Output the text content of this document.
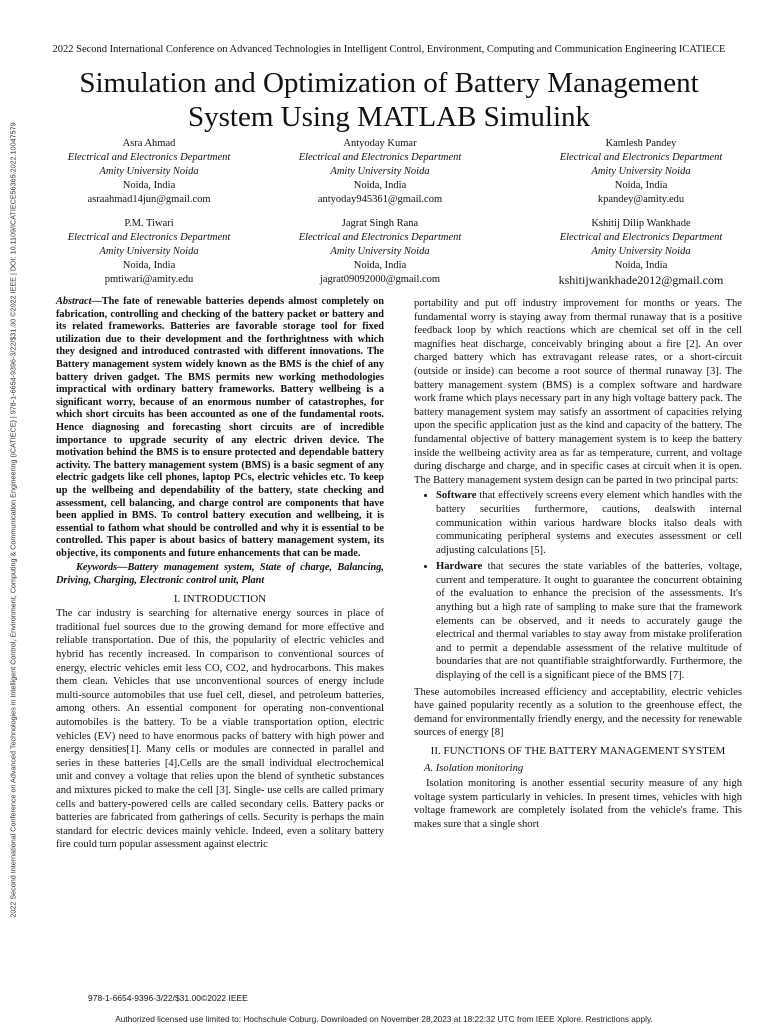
2022 Second International Conference on Advanced Technologies in Intelligent Control, Environment, Computing & Communication Engineering (ICATIECE) | 978-1-6654-9396-3/22/$31.00 ©2022 IEEE | DOI: 10.1109/ICATIECE56365.2022.10047579
2022 Second International Conference on Advanced Technologies in Intelligent Control, Environment, Computing and Communication Engineering ICATIECE
Simulation and Optimization of Battery Management
System Using MATLAB Simulink
Asra Ahmad
Electrical and Electronics Department
Amity University Noida
Noida, India
asraahmad14jun@gmail.com
Antyoday Kumar
Electrical and Electronics Department
Amity University Noida
Noida, India
antyoday945361@gmail.com
Kamlesh Pandey
Electrical and Electronics Department
Amity University Noida
Noida, India
kpandey@amity.edu
P.M. Tiwari
Electrical and Electronics Department
Amity University Noida
Noida, India
pmtiwari@amity.edu
Jagrat Singh Rana
Electrical and Electronics Department
Amity University Noida
Noida, India
jagrat09092000@gmail.com
Kshitij Dilip Wankhade
Electrical and Electronics Department
Amity University Noida
Noida, India
kshitijwankhade2012@gmail.com

Abstract—The fate of renewable batteries depends almost completely on fabrication, controlling and checking of the battery packet or battery and its related frameworks. Batteries are favorable storage tool for fixed utilization due to their development and the forthrightness with which they designed and introduced contrasted with different innovations. The Battery management system widely known as the BMS is the chief of any battery driven gadget. The BMS permits new working methodologies impractical with ordinary battery frameworks. Battery wellbeing is a significant worry, because of an enormous number of catastrophes, for which short circuits has been accounted as one of the fundamental roots. Hence diagnosing and forecasting short circuits are of incredible importance to upgrade security of any electric driven device. The motivation behind the BMS is to ensure protected and dependable battery activity. The battery management system (BMS) is a basic segment of any electric gadgets like cell phones, laptop PCs, electric vehicles etc. To keep up the wellbeing and dependability of the battery, state checking and assessment, cell balancing, and charge control are components that have been applied in BMS. To control battery execution and wellbeing, it is essential to fathom what should be controlled and why it is essential to be controlled. This paper is about basics of battery management system, its objective, its components and future enhancements that can be made.

Keywords—Battery management system, State of charge, Balancing, Driving, Charging, Electronic control unit, Plant

I. INTRODUCTION

The car industry is searching for alternative energy sources in place of traditional fuel sources due to the growing demand for more effective and reliable transportation. Due of this, the popularity of electric vehicles and hybrid has recently increased. In comparison to conventional sources of energy, electric vehicles emit less CO, CO2, and hydrocarbons. This makes them clean. Vehicles that use unconventional sources of energy include multi-source automobiles that use fuel cell, diesel, and petroleum batteries, among others. An essential component for operating non-conventional automobiles is the battery. To be a viable transportation option, electric vehicles (EV) need to have enormous packs of battery with high power and energy densities[1]. Many cells or modules are connected in parallel and series in these batteries [4].Cells are the small individual electrochemical unit and convey a voltage that relies upon the blend of synthetic substances and mixtures picked to make the cell [3]. Single- use cells are called primary cells and battery-powered cells are called secondary cells. Battery packs or batteries are fabricated from gatherings of cells. Security is perhaps the main standard for electric devices mainly vehicle. Indeed, even a solitary battery fire could turn popular assessment against electric

portability and put off industry improvement for months or years. The fundamental worry is staying away from thermal runaway that is a positive feedback loop by which reactions which are chemical set off in the cell magnifies heat discharge, conceivably bringing about a fire [2]. An over charged battery which has extravagant release rates, or a short-circuit (outside or inside) can become a root source of thermal runaway [3]. The battery management system (BMS) is a complex software and hardware work frame which plays necessary part in any high voltage battery pack. The battery management system may satisfy an assortment of capacities relying upon the specific application just as the kind and capacity of the battery. The fundamental objective of battery management system is to keep the battery inside the wellbeing activity area as far as temperature, current, and voltage during discharge and charge, and in specific cases at circuit when it is open. The Battery management system design can be parted in two principal parts:

• Software that effectively screens every element which handles with the battery securities furthermore, cautions, dealswith internal communication within various hardware blocks italso deals with communicating peripheral systems and executes assessment or cell adjusting calculations [5].
• Hardware that secures the state variables of the batteries, voltage, current and temperature. It ought to guarantee the concurrent obtaining of the evaluation to enhance the precision of the assessments. It's anything but a high rate of sampling to make sure that the framework elements can be observed, and it needs to accurately gauge the electrical and thermal variables to stay away from mistake proliferation and to permit a dependable assessment of the relative multitude of boundaries that are not quantifiable straightforwardly. Furthermore, the displaying of the cell is a significant piece of the BMS [7].

These automobiles increased efficiency and acceptability, electric vehicles have gained popularity recently as a solution to the greenhouse effect, the demand for environmentally friendly energy, and the necessity for renewable sources of energy [8]

II. FUNCTIONS OF THE BATTERY MANAGEMENT SYSTEM
A. Isolation monitoring

Isolation monitoring is another essential security measure of any high voltage system particularly in vehicles. In present times, vehicles with high voltage framework are completely isolated from the vehicle's frame. This makes sure that a single short

978-1-6654-9396-3/22/$31.00©2022 IEEE
Authorized licensed use limited to: Hochschule Coburg. Downloaded on November 28,2023 at 18:22:32 UTC from IEEE Xplore. Restrictions apply.
